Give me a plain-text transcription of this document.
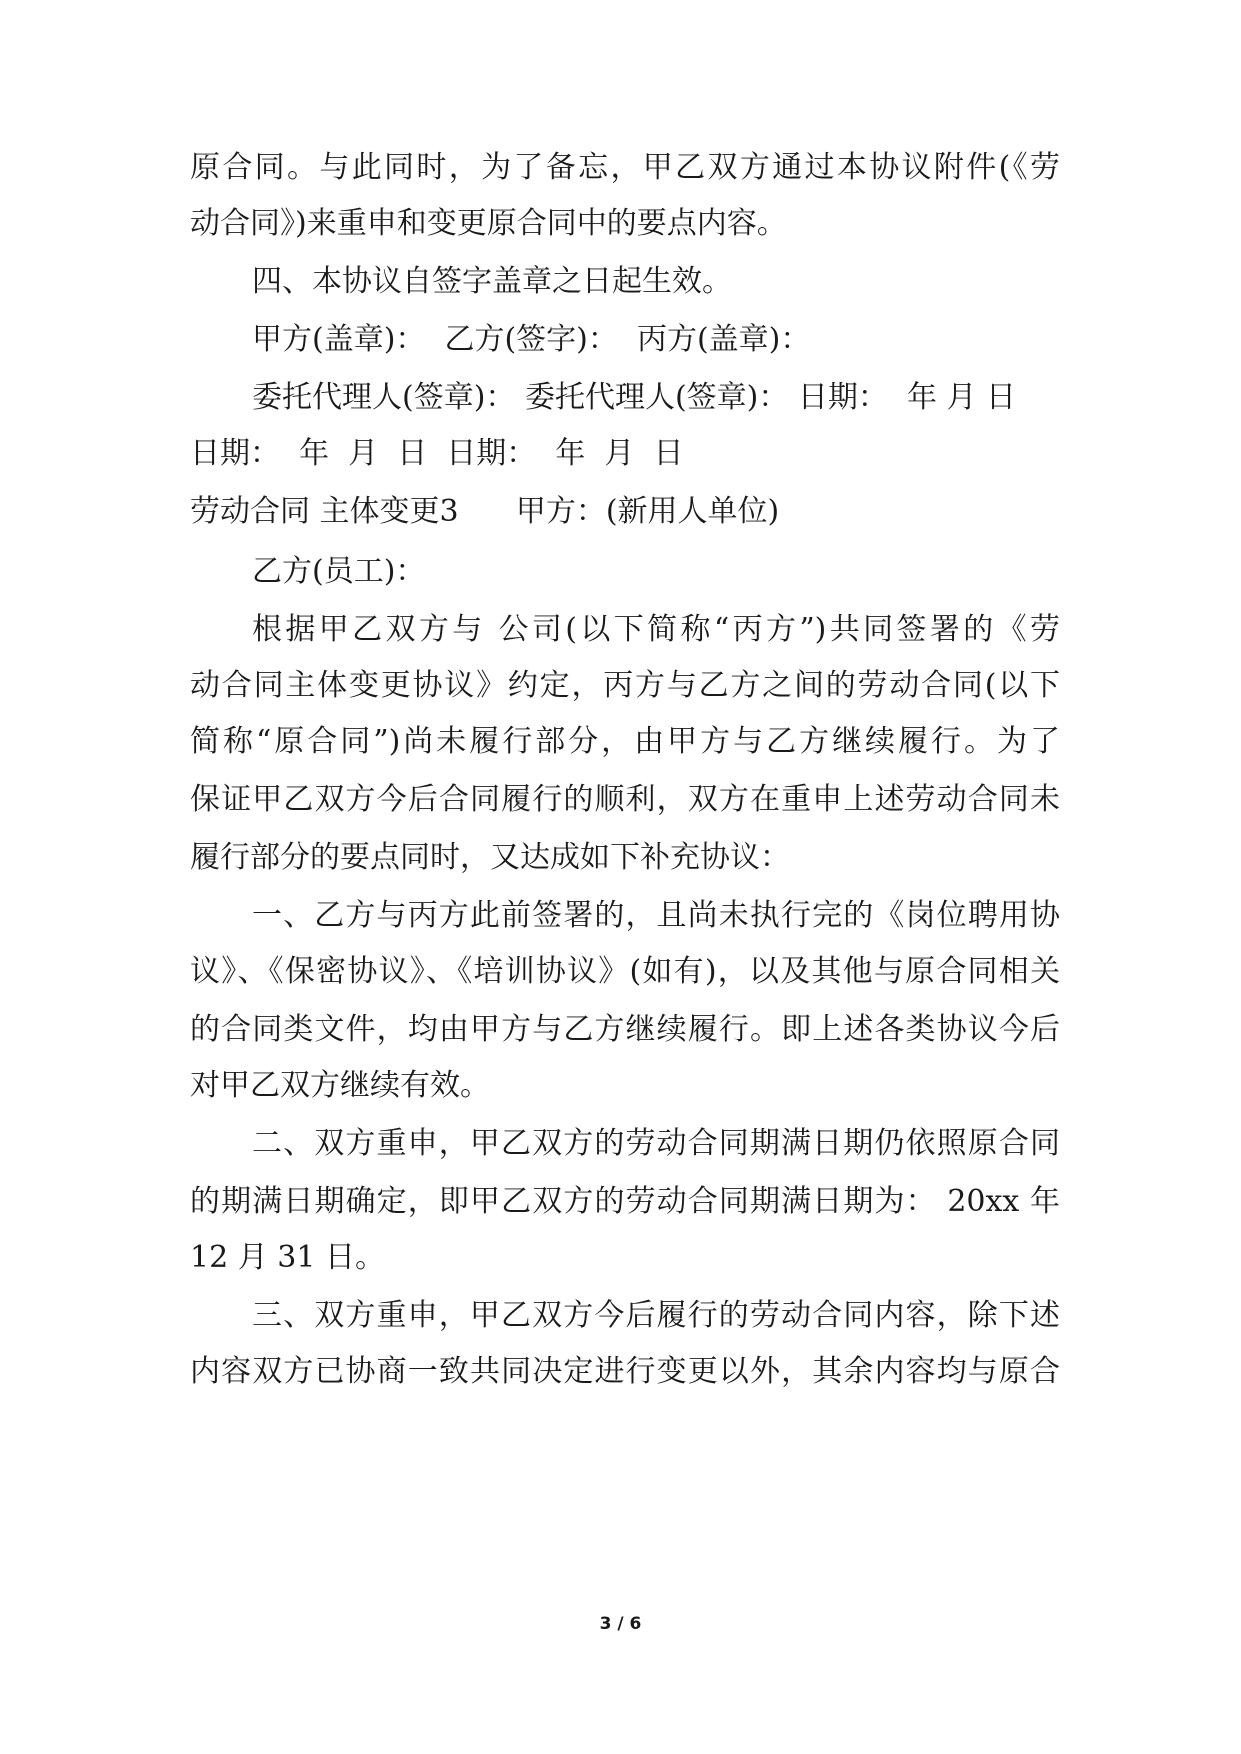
原合同。与此同时，为了备忘，甲乙双方通过本协议附件(《劳
动合同》)来重申和变更原合同中的要点内容。
四、本协议自签字盖章之日起生效。
甲方(盖章)：  乙方(签字)：  丙方(盖章)：
委托代理人(签章)： 委托代理人(签章)： 日期：  年 月 日
日期：  年  月  日  日期：  年  月  日
劳动合同 主体变更3      甲方：(新用人单位)
乙方(员工)：
根据甲乙双方与 公司(以下简称“丙方”)共同签署的《劳
动合同主体变更协议》约定，丙方与乙方之间的劳动合同(以下
简称“原合同”)尚未履行部分，由甲方与乙方继续履行。为了
保证甲乙双方今后合同履行的顺利，双方在重申上述劳动合同未
履行部分的要点同时，又达成如下补充协议：
一、乙方与丙方此前签署的，且尚未执行完的《岗位聘用协
议》、《保密协议》、《培训协议》(如有)，以及其他与原合同相关
的合同类文件，均由甲方与乙方继续履行。即上述各类协议今后
对甲乙双方继续有效。
二、双方重申，甲乙双方的劳动合同期满日期仍依照原合同
的期满日期确定，即甲乙双方的劳动合同期满日期为： 20xx 年
12 月 31 日。
三、双方重申，甲乙双方今后履行的劳动合同内容，除下述
内容双方已协商一致共同决定进行变更以外，其余内容均与原合
3 / 6
